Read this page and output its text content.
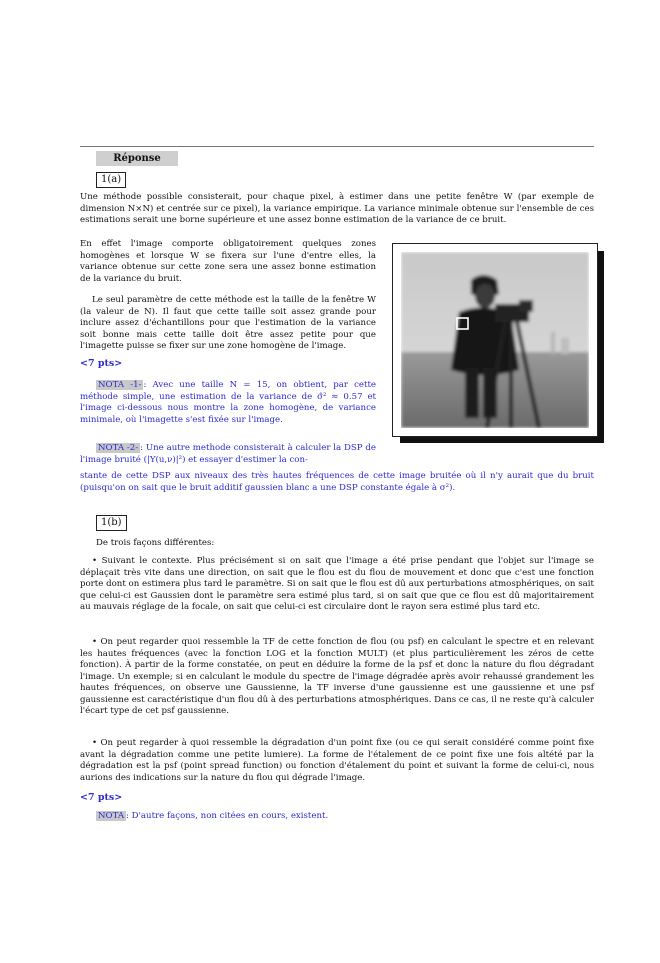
Réponse
1(a)

Une méthode possible consisterait, pour chaque pixel, à estimer dans une petite fenêtre W (par exemple de dimension N×N) et centrée sur ce pixel), la variance empirique. La variance minimale obtenue sur l'ensemble de ces estimations serait une borne supérieure et une assez bonne estimation de la variance de ce bruit.

En effet l'image comporte obligatoirement quelques zones homogènes et lorsque W se fixera sur l'une d'entre elles, la variance obtenue sur cette zone sera une assez bonne estimation de la variance du bruit.

Le seul paramètre de cette méthode est la taille de la fenêtre W (la valeur de N). Il faut que cette taille soit assez grande pour inclure assez d'échantillons pour que l'estimation de la variance soit bonne mais cette taille doit être assez petite pour que l'imagette puisse se fixer sur une zone homogène de l'image.

<7 pts>

NOTA -1- : Avec une taille N = 15, on obtient, par cette méthode simple, une estimation de la variance de σ̂² ≈ 0.57 et l'image ci-dessous nous montre la zone homogène, de variance minimale, où l'imagette s'est fixée sur l'image.

NOTA -2- : Une autre methode consisterait à calculer la DSP de l'image bruité (|Y(u,ν)|²) et essayer d'estimer la con-

stante de cette DSP aux niveaux des très hautes fréquences de cette image bruitée où il n'y aurait que du bruit (puisqu'on on sait que le bruit additif gaussien blanc a une DSP constante égale à σ²).

1(b)

De trois façons différentes:

• Suivant le contexte. Plus précisément si on sait que l'image a été prise pendant que l'objet sur l'image se déplaçait très vite dans une direction, on sait que le flou est du flou de mouvement et donc que c'est une fonction porte dont on estimera plus tard le paramètre. Si on sait que le flou est dû aux perturbations atmosphériques, on sait que celui-ci est Gaussien dont le paramètre sera estimé plus tard, si on sait que que ce flou est dû majoritairement au mauvais réglage de la focale, on sait que celui-ci est circulaire dont le rayon sera estimé plus tard etc.

• On peut regarder quoi ressemble la TF de cette fonction de flou (ou psf) en calculant le spectre et en relevant les hautes fréquences (avec la fonction LOG et la fonction MULT) (et plus particulièrement les zéros de cette fonction). À partir de la forme constatée, on peut en déduire la forme de la psf et donc la nature du flou dégradant l'image. Un exemple; si en calculant le module du spectre de l'image dégradée après avoir rehaussé grandement les hautes fréquences, on observe une Gaussienne, la TF inverse d'une gaussienne est une gaussienne et une psf gaussienne est caractéristique d'un flou dû à des perturbations atmosphériques. Dans ce cas, il ne reste qu'à calculer l'écart type de cet psf gaussienne.

• On peut regarder à quoi ressemble la dégradation d'un point fixe (ou ce qui serait considéré comme point fixe avant la dégradation comme une petite lumiere). La forme de l'étalement de ce point fixe une fois altété par la dégradation est la psf (point spread function) ou fonction d'étalement du point et suivant la forme de celui-ci, nous aurions des indications sur la nature du flou qui dégrade l'image.

<7 pts>

NOTA : D'autre façons, non citées en cours, existent.
